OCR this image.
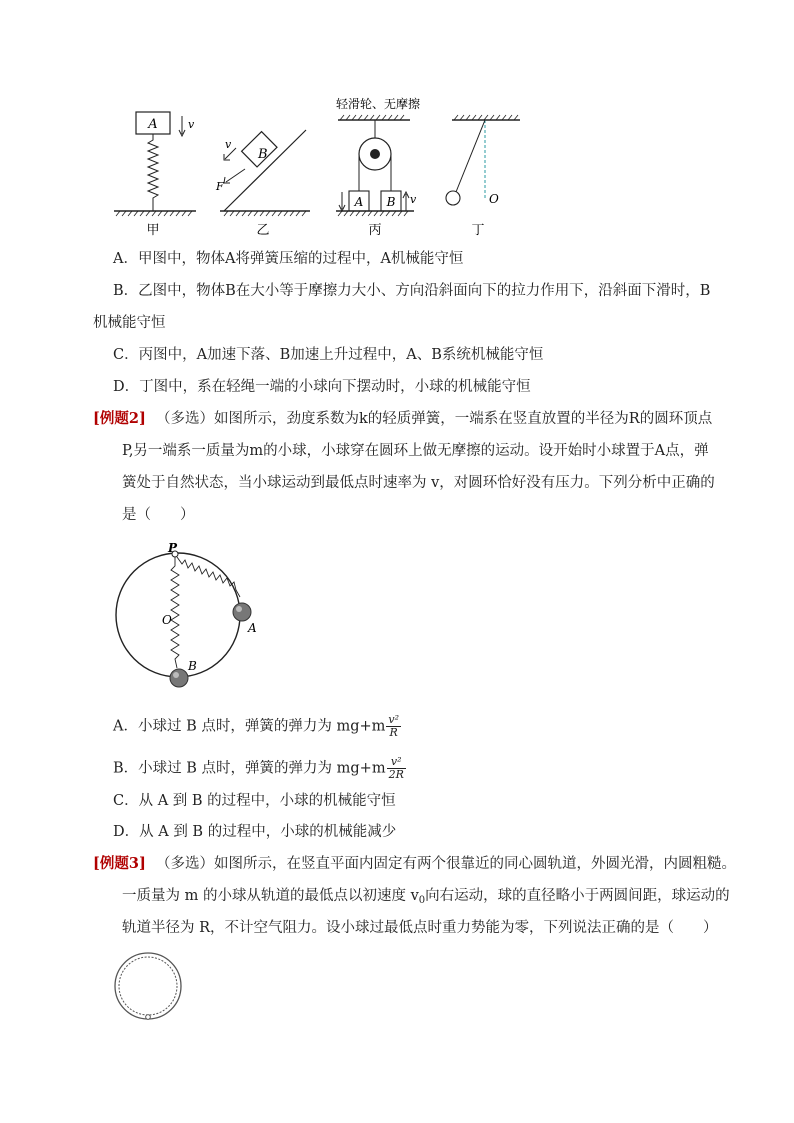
A	v
甲
B
v
F
乙
轻滑轮、无摩擦
A B v
丙
O
丁
A．甲图中，物体A将弹簧压缩的过程中，A机械能守恒
B．乙图中，物体B在大小等于摩擦力大小、方向沿斜面向下的拉力作用下，沿斜面下滑时，B
机械能守恒
C．丙图中，A加速下落、B加速上升过程中，A、B系统机械能守恒
D．丁图中，系在轻绳一端的小球向下摆动时，小球的机械能守恒
[例题2] （多选）如图所示，劲度系数为k的轻质弹簧，一端系在竖直放置的半径为R的圆环顶点
P,另一端系一质量为m的小球，小球穿在圆环上做无摩擦的运动。设开始时小球置于A点，弹
簧处于自然状态，当小球运动到最低点时速率为 v，对圆环恰好没有压力。下列分析中正确的
是（　　）
P
A
O
B
A．小球过 B 点时，弹簧的弹力为 $mg+m \frac{\text{v²}}{R}$
B．小球过 B 点时，弹簧的弹力为 $mg+m \frac{\text{v²}}{2R}$
C．从 A 到 B 的过程中，小球的机械能守恒
D．从 A 到 B 的过程中，小球的机械能减少
[例题3] （多选）如图所示，在竖直平面内固定有两个很靠近的同心圆轨道，外圆光滑，内圆粗糙。
一质量为 m 的小球从轨道的最低点以初速度 $v_0$向右运动，球的直径略小于两圆间距，球运动的
轨道半径为 R，不计空气阻力。设小球过最低点时重力势能为零，下列说法正确的是（　　）
